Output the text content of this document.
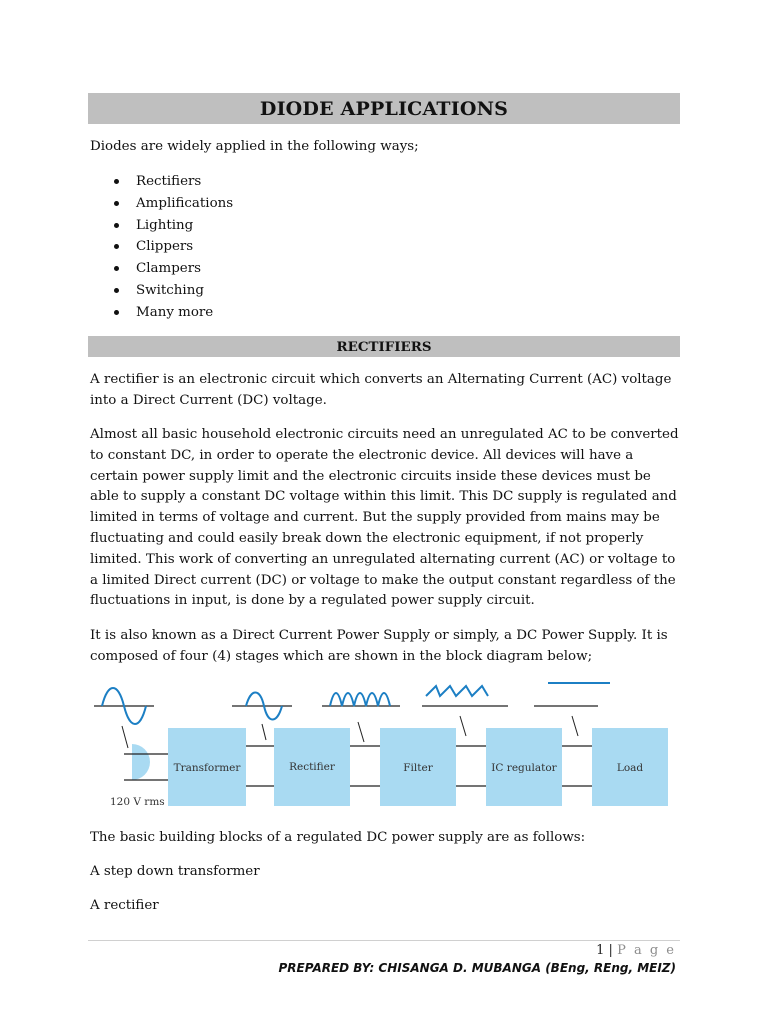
DIODE APPLICATIONS

Diodes are widely applied in the following ways;

Rectifiers
Amplifications
Lighting
Clippers
Clampers
Switching
Many more
RECTIFIERS

A rectifier is an electronic circuit which converts an Alternating Current (AC) voltage into a Direct Current (DC) voltage.

Almost all basic household electronic circuits need an unregulated AC to be converted to constant DC, in order to operate the electronic device. All devices will have a certain power supply limit and the electronic circuits inside these devices must be able to supply a constant DC voltage within this limit. This DC supply is regulated and limited in terms of voltage and current. But the supply provided from mains may be fluctuating and could easily break down the electronic equipment, if not properly limited. This work of converting an unregulated alternating current (AC) or voltage to a limited Direct current (DC) or voltage to make the output constant regardless of the fluctuations in input, is done by a regulated power supply circuit.

It is also known as a Direct Current Power Supply or simply, a DC Power Supply. It is composed of four (4) stages which are shown in the block diagram below;

120 V rms
Transformer	Rectifier	Filter	IC regulator	Load

The basic building blocks of a regulated DC power supply are as follows:

A step down transformer

A rectifier

1 | P a g e
PREPARED BY: CHISANGA D. MUBANGA (BEng, REng, MEIZ)
